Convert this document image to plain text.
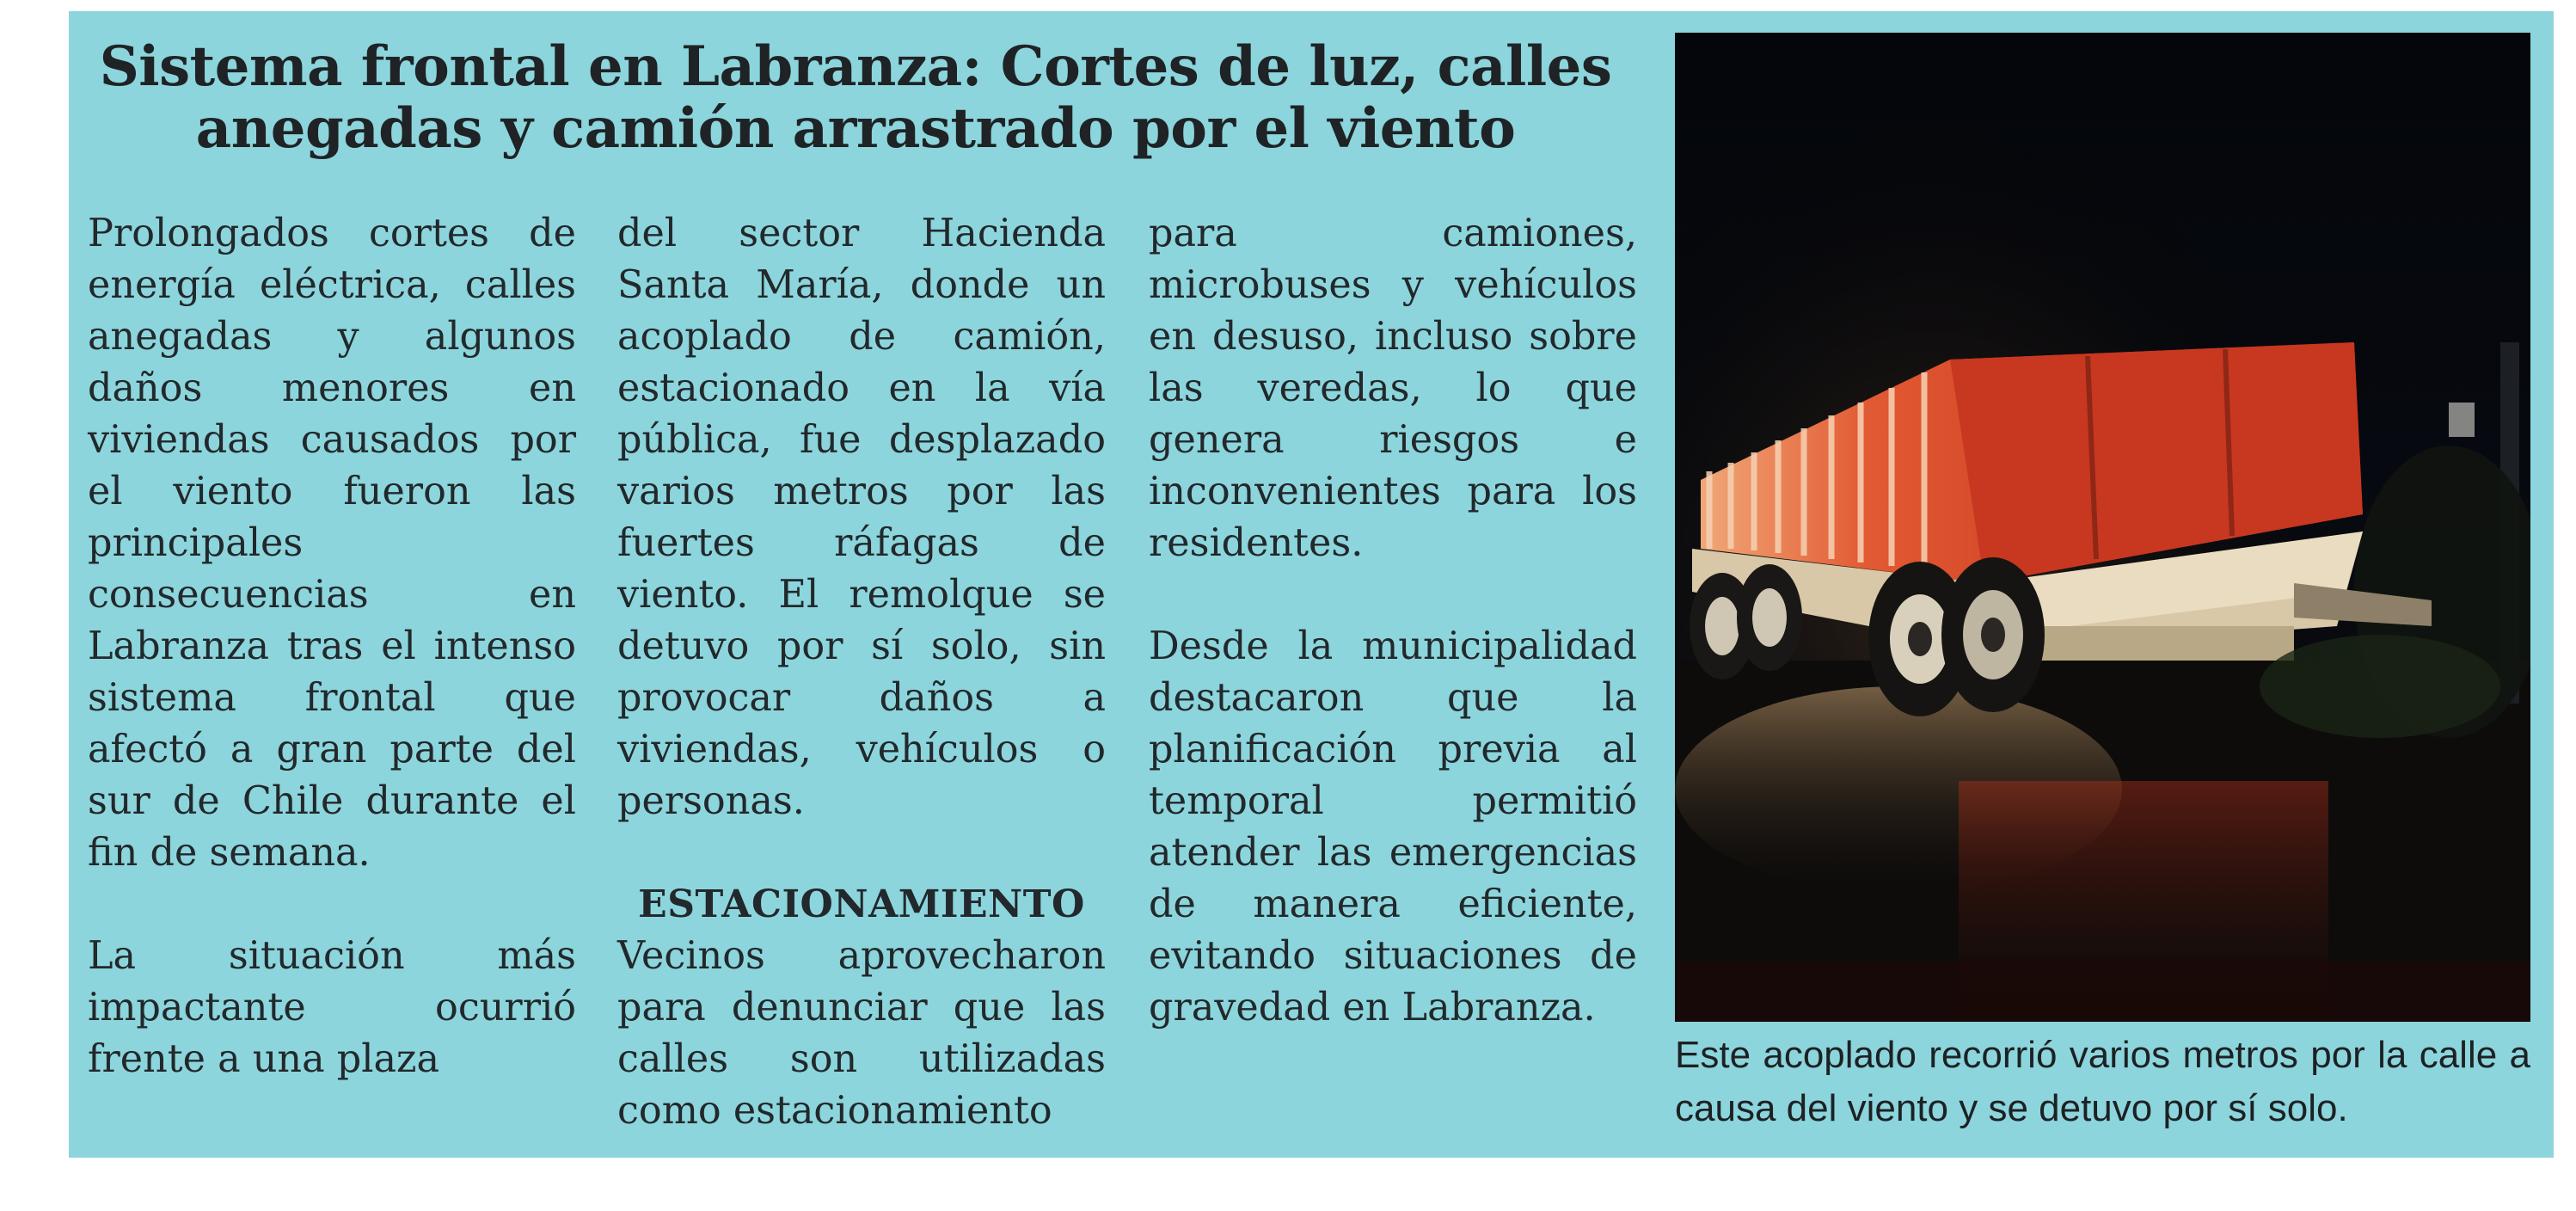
Sistema frontal en Labranza: Cortes de luz, calles anegadas y camión arrastrado por el viento

Prolongados cortes de energía eléctrica, calles anegadas y algunos daños menores en viviendas causados por el viento fueron las principales consecuencias en Labranza tras el intenso sistema frontal que afectó a gran parte del sur de Chile durante el fin de semana.

La situación más impactante ocurrió frente a una plaza

del sector Hacienda Santa María, donde un acoplado de camión, estacionado en la vía pública, fue desplazado varios metros por las fuertes ráfagas de viento. El remolque se detuvo por sí solo, sin provocar daños a viviendas, vehículos o personas.

ESTACIONAMIENTO

Vecinos aprovecharon para denunciar que las calles son utilizadas como estacionamiento

para camiones, microbuses y vehículos en desuso, incluso sobre las veredas, lo que genera riesgos e inconvenientes para los residentes.

Desde la municipalidad destacaron que la planificación previa al temporal permitió atender las emergencias de manera eficiente, evitando situaciones de gravedad en Labranza.

Este acoplado recorrió varios metros por la calle a causa del viento y se detuvo por sí solo.
